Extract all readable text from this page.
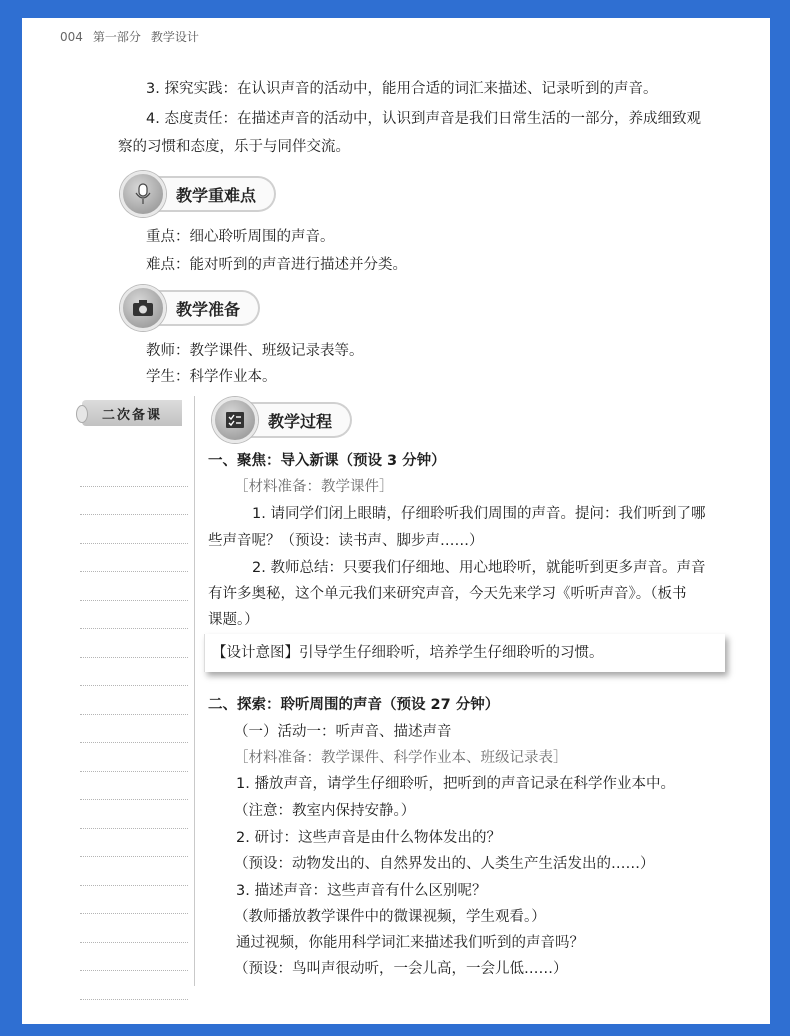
004 第一部分 教学设计
3. 探究实践：在认识声音的活动中，能用合适的词汇来描述、记录听到的声音。
4. 态度责任：在描述声音的活动中，认识到声音是我们日常生活的一部分，养成细致观
察的习惯和态度，乐于与同伴交流。
教学重难点
重点：细心聆听周围的声音。
难点：能对听到的声音进行描述并分类。
教学准备
教师：教学课件、班级记录表等。
学生：科学作业本。
二次备课	教学过程
一、聚焦：导入新课（预设 3 分钟）
［材料准备：教学课件］
1. 请同学们闭上眼睛，仔细聆听我们周围的声音。提问：我们听到了哪
些声音呢？（预设：读书声、脚步声……）
2. 教师总结：只要我们仔细地、用心地聆听，就能听到更多声音。声音
有许多奥秘，这个单元我们来研究声音，今天先来学习《听听声音》。（板书
课题。）
【设计意图】引导学生仔细聆听，培养学生仔细聆听的习惯。
二、探索：聆听周围的声音（预设 27 分钟）
（一）活动一：听声音、描述声音
［材料准备：教学课件、科学作业本、班级记录表］
1. 播放声音，请学生仔细聆听，把听到的声音记录在科学作业本中。
（注意：教室内保持安静。）
2. 研讨：这些声音是由什么物体发出的？
（预设：动物发出的、自然界发出的、人类生产生活发出的……）
3. 描述声音：这些声音有什么区别呢？
（教师播放教学课件中的微课视频，学生观看。）
通过视频，你能用科学词汇来描述我们听到的声音吗？
（预设：鸟叫声很动听，一会儿高，一会儿低……）
